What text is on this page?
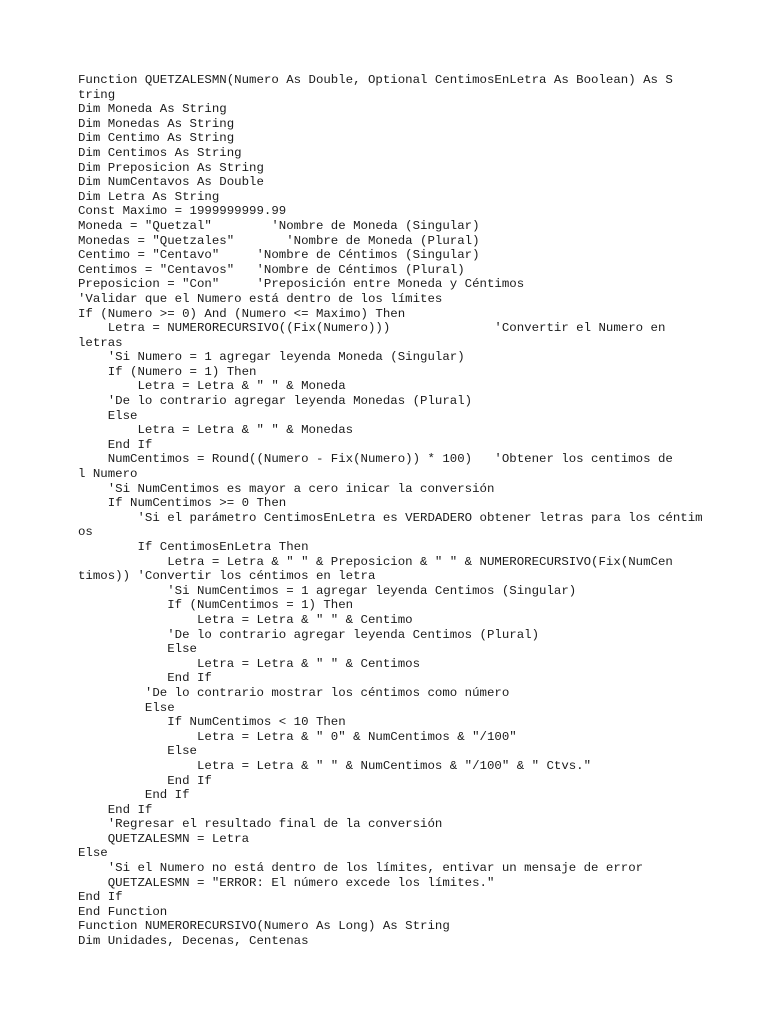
Function QUETZALESMN(Numero As Double, Optional CentimosEnLetra As Boolean) As S
tring
Dim Moneda As String
Dim Monedas As String
Dim Centimo As String
Dim Centimos As String
Dim Preposicion As String
Dim NumCentavos As Double
Dim Letra As String
Const Maximo = 1999999999.99
Moneda = "Quetzal"        'Nombre de Moneda (Singular)
Monedas = "Quetzales"       'Nombre de Moneda (Plural)
Centimo = "Centavo"     'Nombre de Céntimos (Singular)
Centimos = "Centavos"   'Nombre de Céntimos (Plural)
Preposicion = "Con"     'Preposición entre Moneda y Céntimos
'Validar que el Numero está dentro de los límites
If (Numero >= 0) And (Numero <= Maximo) Then
Letra = NUMERORECURSIVO((Fix(Numero)))              'Convertir el Numero en
letras
'Si Numero = 1 agregar leyenda Moneda (Singular)
If (Numero = 1) Then
Letra = Letra & " " & Moneda
'De lo contrario agregar leyenda Monedas (Plural)
Else
Letra = Letra & " " & Monedas
End If
NumCentimos = Round((Numero - Fix(Numero)) * 100)   'Obtener los centimos de
l Numero
'Si NumCentimos es mayor a cero inicar la conversión
If NumCentimos >= 0 Then
'Si el parámetro CentimosEnLetra es VERDADERO obtener letras para los céntim
os
If CentimosEnLetra Then
Letra = Letra & " " & Preposicion & " " & NUMERORECURSIVO(Fix(NumCen
timos)) 'Convertir los céntimos en letra
'Si NumCentimos = 1 agregar leyenda Centimos (Singular)
If (NumCentimos = 1) Then
Letra = Letra & " " & Centimo
'De lo contrario agregar leyenda Centimos (Plural)
Else
Letra = Letra & " " & Centimos
End If
'De lo contrario mostrar los céntimos como número
Else
If NumCentimos < 10 Then
Letra = Letra & " 0" & NumCentimos & "/100"
Else
Letra = Letra & " " & NumCentimos & "/100" & " Ctvs."
End If
End If
End If
'Regresar el resultado final de la conversión
QUETZALESMN = Letra
Else
'Si el Numero no está dentro de los límites, entivar un mensaje de error
QUETZALESMN = "ERROR: El número excede los límites."
End If
End Function
Function NUMERORECURSIVO(Numero As Long) As String
Dim Unidades, Decenas, Centenas
